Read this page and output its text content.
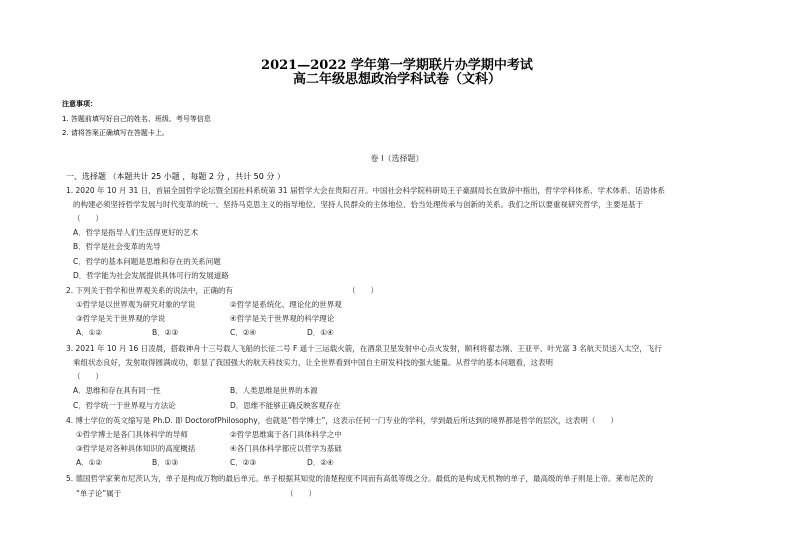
2021—2022 学年第一学期联片办学期中考试
高二年级思想政治学科试卷（文科）
注意事项：
1. 答题前填写好自己的姓名、班级、考号等信息
2. 请将答案正确填写在答题卡上。
卷 I（选择题）
一、选择题 （本题共计 25 小题 ，每题 2 分 ，共计 50 分 ）
1. 2020 年 10 月 31 日，首届全国哲学论坛暨全国社科系统第 31 届哲学大会在贵阳召开。中国社会科学院科研局王子豪副局长在致辞中指出，哲学学科体系、学术体系、话语体系
的构建必须坚持哲学发展与时代变革的统一、坚持马克思主义的指导地位、坚持人民群众的主体地位、恰当处理传承与创新的关系。我们之所以要重视研究哲学，主要是基于
（　　）
A．哲学是指导人们生活得更好的艺术
B．哲学是社会变革的先导
C．哲学的基本问题是思维和存在的关系问题
D．哲学能为社会发展提供具体可行的发展道路
2. 下列关于哲学和世界观关系的说法中，正确的有	（　　）
①哲学是以世界观为研究对象的学说	②哲学是系统化、理论化的世界观
③哲学是关于世界观的学说	④哲学是关于世界观的科学理论
A．①②	B．②③	C．②④	D．①④
3. 2021 年 10 月 16 日凌晨，搭载神舟十三号载人飞船的长征二号 F 遥十三运载火箭，在酒泉卫星发射中心点火发射，顺利将翟志刚、王亚平、叶光富 3 名航天员送入太空，飞行
乘组状态良好，发射取得圆满成功，彰显了我国强大的航天科技实力，让全世界看到中国自主研发科技的强大能量。从哲学的基本问题看，这表明
（　　）
A．思维和存在具有同一性	B．人类思维是世界的本源
C．哲学统一于世界观与方法论	D．思维不能够正确反映客观存在
4. 博士学位的英文缩写是 Ph.D. 即 DoctorofPhilosophy，也就是“哲学博士”，这表示任何一门专业的学科，学到最后所达到的境界都是哲学的层次，这表明（　　）
①哲学博士是各门具体科学的导师	②哲学思维寓于各门具体科学之中
③哲学是对各种具体知识的高度概括	④各门具体科学都应以哲学为基础
A．①②	B．①③	C．②③	D．②④
5. 德国哲学家莱布尼茨认为，单子是构成万物的最后单元。单子根据其知觉的清楚程度不同而有高低等级之分。最低的是构成无机物的单子，最高级的单子则是上帝。莱布尼茨的
“单子论”属于	（　　）
